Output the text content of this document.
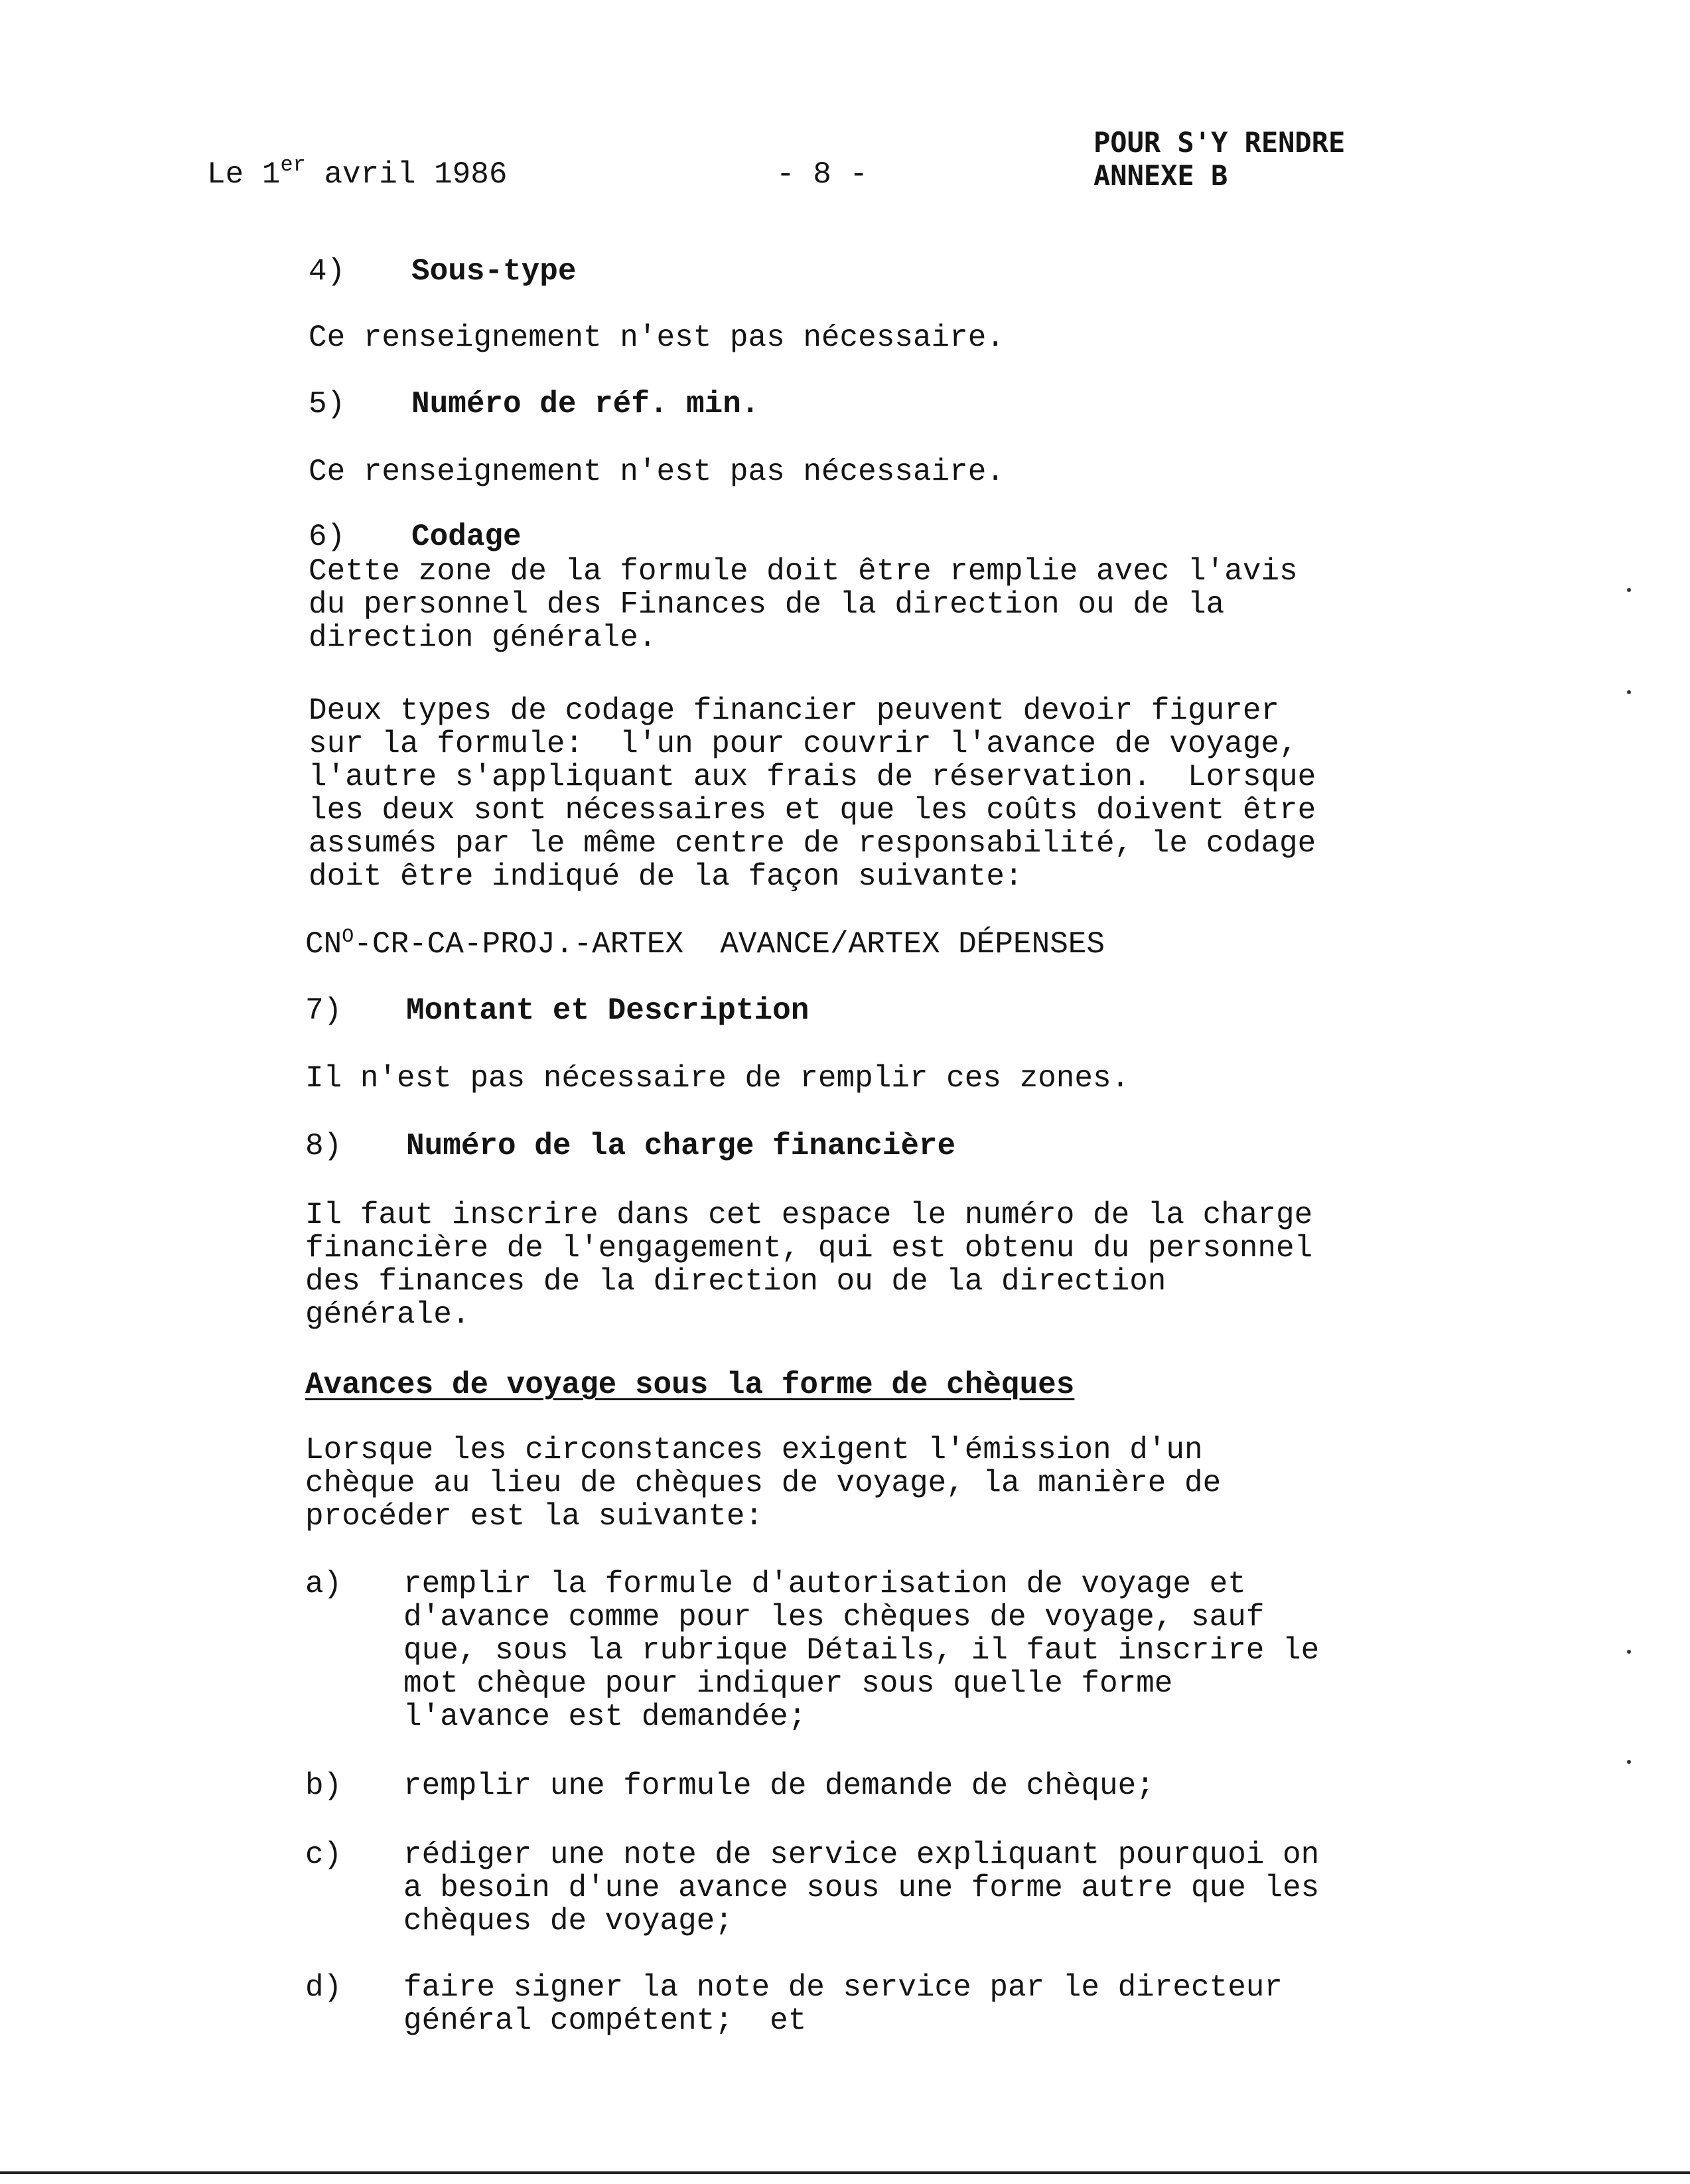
Le 1er avril 1986	- 8 -
POUR S'Y RENDRE
ANNEXE B
4) Sous-type
Ce renseignement n'est pas nécessaire.
5) Numéro de réf. min.
Ce renseignement n'est pas nécessaire.
6) Codage
Cette zone de la formule doit être remplie avec l'avis
du personnel des Finances de la direction ou de la
direction générale.
Deux types de codage financier peuvent devoir figurer
sur la formule:  l'un pour couvrir l'avance de voyage,
l'autre s'appliquant aux frais de réservation.  Lorsque
les deux sont nécessaires et que les coûts doivent être
assumés par le même centre de responsabilité, le codage
doit être indiqué de la façon suivante:
$CN^O-CR-CA-PROJ$.-ARTEX  AVANCE/ARTEX DÉPENSES
7) Montant et Description
Il n'est pas nécessaire de remplir ces zones.
8) Numéro de la charge financière
Il faut inscrire dans cet espace le numéro de la charge
financière de l'engagement, qui est obtenu du personnel
des finances de la direction ou de la direction
générale.
Avances de voyage sous la forme de chèques
Lorsque les circonstances exigent l'émission d'un
chèque au lieu de chèques de voyage, la manière de
procéder est la suivante:
a) remplir la formule d'autorisation de voyage et
d'avance comme pour les chèques de voyage, sauf
que, sous la rubrique Détails, il faut inscrire le
mot chèque pour indiquer sous quelle forme
l'avance est demandée;
b) remplir une formule de demande de chèque;
c) rédiger une note de service expliquant pourquoi on
a besoin d'une avance sous une forme autre que les
chèques de voyage;
d) faire signer la note de service par le directeur
général compétent;  et
